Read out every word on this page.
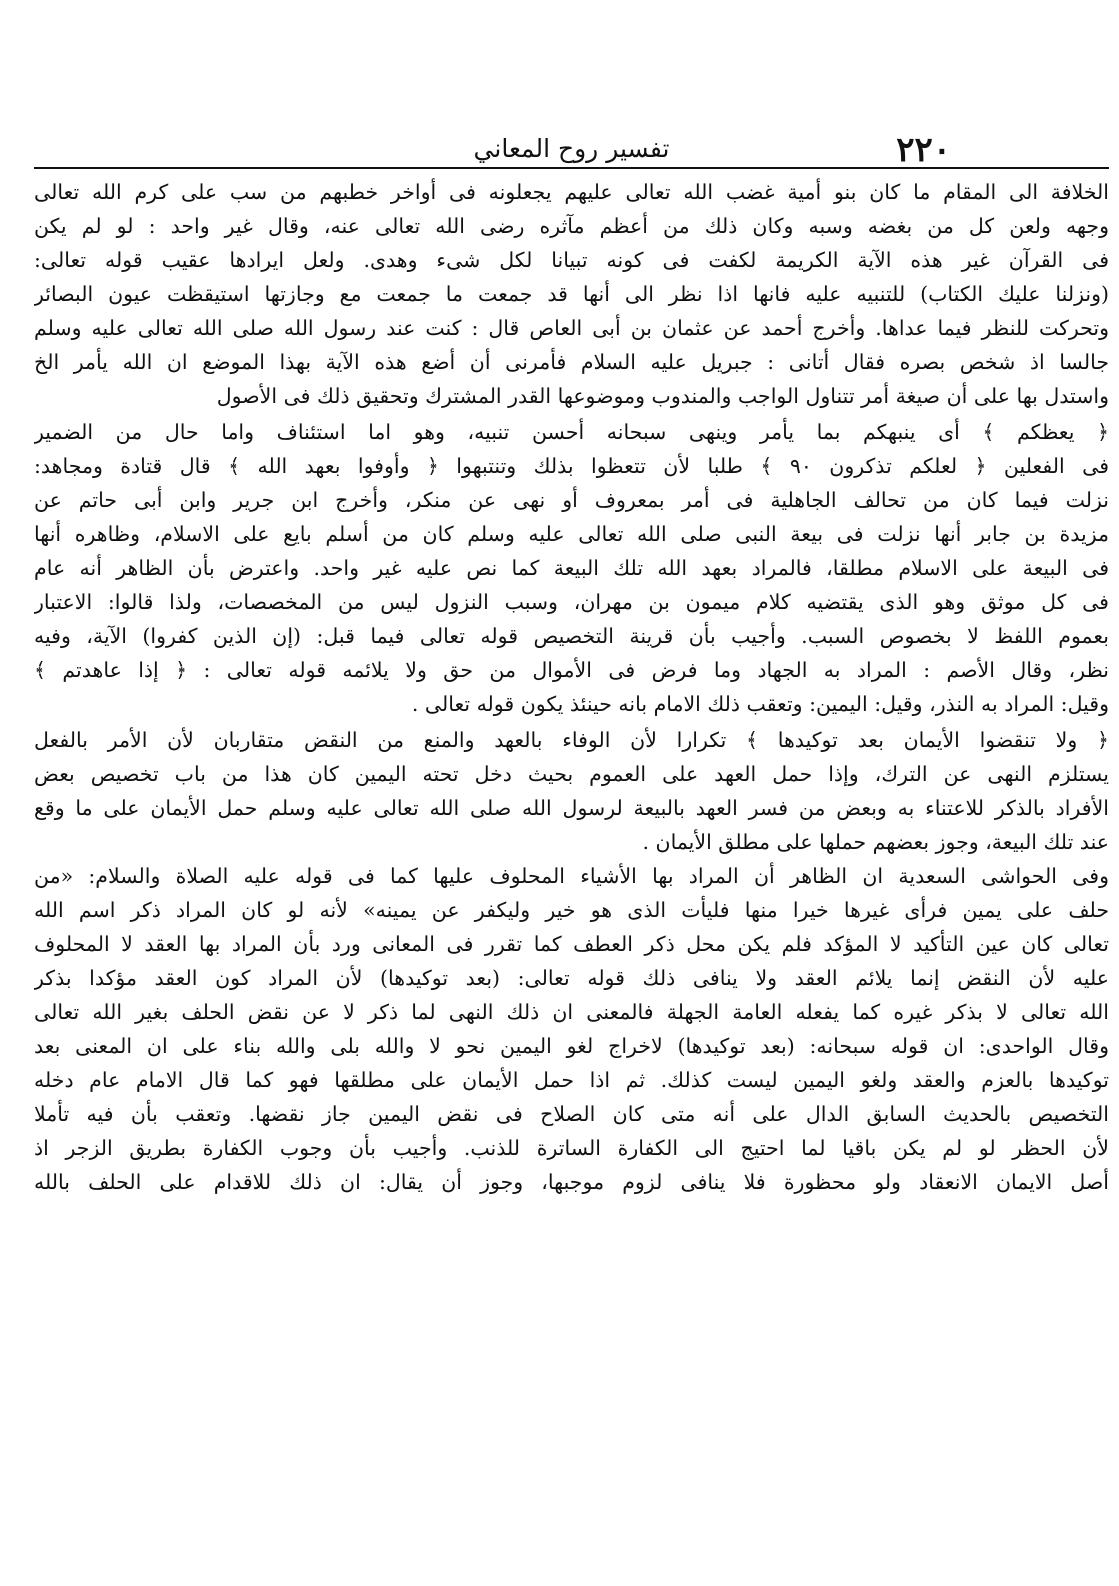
٢٢٠
تفسير روح المعاني
الخلافة الى المقام ما كان بنو أمية غضب الله تعالى عليهم يجعلونه فى أواخر خطبهم من سب على كرم الله تعالى
وجهه ولعن كل من بغضه وسبه وكان ذلك من أعظم مآثره رضى الله تعالى عنه، وقال غير واحد : لو لم يكن
فى القرآن غير هذه الآية الكريمة لكفت فى كونه تبيانا لكل شىء وهدى. ولعل ايرادها عقيب قوله تعالى:
(ونزلنا عليك الكتاب) للتنبيه عليه فانها اذا نظر الى أنها قد جمعت ما جمعت مع وجازتها استيقظت عيون البصائر
وتحركت للنظر فيما عداها. وأخرج أحمد عن عثمان بن أبى العاص قال : كنت عند رسول الله صلى الله تعالى عليه وسلم
جالسا اذ شخص بصره فقال أتانى : جبريل عليه السلام فأمرنى أن أضع هذه الآية بهذا الموضع ان الله يأمر الخ
واستدل بها على أن صيغة أمر تتناول الواجب والمندوب وموضوعها القدر المشترك وتحقيق ذلك فى الأصول
﴿ يعظكم ﴾ أى ينبهكم بما يأمر وينهى سبحانه أحسن تنبيه، وهو اما استئناف واما حال من الضمير
فى الفعلين ﴿ لعلكم تذكرون ٩٠ ﴾ طلبا لأن تتعظوا بذلك وتنتبهوا ﴿ وأوفوا بعهد الله ﴾ قال قتادة ومجاهد:
نزلت فيما كان من تحالف الجاهلية فى أمر بمعروف أو نهى عن منكر، وأخرج ابن جرير وابن أبى حاتم عن
مزيدة بن جابر أنها نزلت فى بيعة النبى صلى الله تعالى عليه وسلم كان من أسلم بايع على الاسلام، وظاهره أنها
فى البيعة على الاسلام مطلقا، فالمراد بعهد الله تلك البيعة كما نص عليه غير واحد. واعترض بأن الظاهر أنه عام
فى كل موثق وهو الذى يقتضيه كلام ميمون بن مهران، وسبب النزول ليس من المخصصات، ولذا قالوا: الاعتبار
بعموم اللفظ لا بخصوص السبب. وأجيب بأن قرينة التخصيص قوله تعالى فيما قبل: (إن الذين كفروا) الآية، وفيه
نظر، وقال الأصم : المراد به الجهاد وما فرض فى الأموال من حق ولا يلائمه قوله تعالى : ﴿ إذا عاهدتم ﴾
وقيل: المراد به النذر، وقيل: اليمين: وتعقب ذلك الامام بانه حينئذ يكون قوله تعالى .
﴿ ولا تنقضوا الأيمان بعد توكيدها ﴾ تكرارا لأن الوفاء بالعهد والمنع من النقض متقاربان لأن الأمر بالفعل
يستلزم النهى عن الترك، وإذا حمل العهد على العموم بحيث دخل تحته اليمين كان هذا من باب تخصيص بعض
الأفراد بالذكر للاعتناء به وبعض من فسر العهد بالبيعة لرسول الله صلى الله تعالى عليه وسلم حمل الأيمان على ما وقع
عند تلك البيعة، وجوز بعضهم حملها على مطلق الأيمان .
وفى الحواشى السعدية ان الظاهر أن المراد بها الأشياء المحلوف عليها كما فى قوله عليه الصلاة والسلام: «من
حلف على يمين فرأى غيرها خيرا منها فليأت الذى هو خير وليكفر عن يمينه» لأنه لو كان المراد ذكر اسم الله
تعالى كان عين التأكيد لا المؤكد فلم يكن محل ذكر العطف كما تقرر فى المعانى ورد بأن المراد بها العقد لا المحلوف
عليه لأن النقض إنما يلائم العقد ولا ينافى ذلك قوله تعالى: (بعد توكيدها) لأن المراد كون العقد مؤكدا بذكر
الله تعالى لا بذكر غيره كما يفعله العامة الجهلة فالمعنى ان ذلك النهى لما ذكر لا عن نقض الحلف بغير الله تعالى
وقال الواحدى: ان قوله سبحانه: (بعد توكيدها) لاخراج لغو اليمين نحو لا والله بلى والله بناء على ان المعنى بعد
توكيدها بالعزم والعقد ولغو اليمين ليست كذلك. ثم اذا حمل الأيمان على مطلقها فهو كما قال الامام عام دخله
التخصيص بالحديث السابق الدال على أنه متى كان الصلاح فى نقض اليمين جاز نقضها. وتعقب بأن فيه تأملا
لأن الحظر لو لم يكن باقيا لما احتيج الى الكفارة الساترة للذنب. وأجيب بأن وجوب الكفارة بطريق الزجر اذ
أصل الايمان الانعقاد ولو محظورة فلا ينافى لزوم موجبها، وجوز أن يقال: ان ذلك للاقدام على الحلف بالله
